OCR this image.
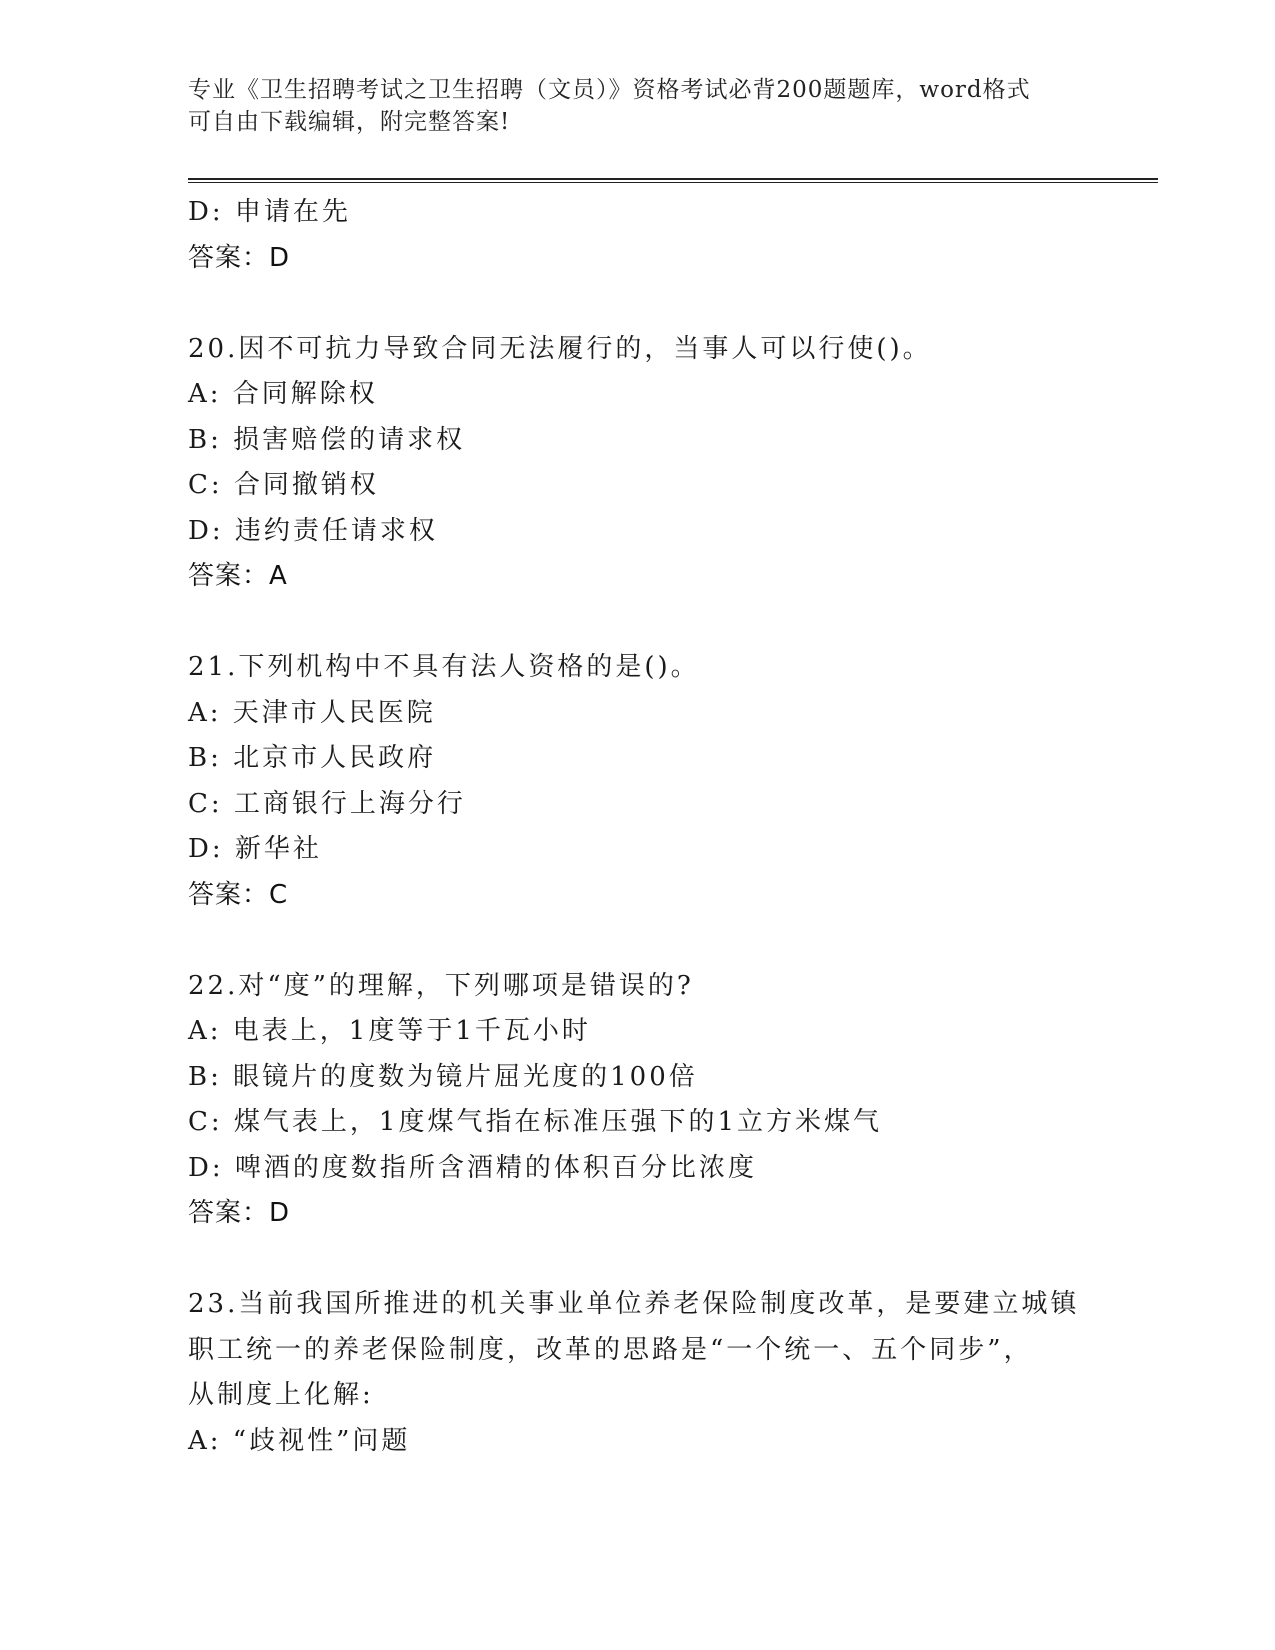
专业《卫生招聘考试之卫生招聘（文员）》资格考试必背200题题库，word格式
可自由下载编辑，附完整答案!
D: 申请在先
答案：D
20.因不可抗力导致合同无法履行的，当事人可以行使()。
A: 合同解除权
B: 损害赔偿的请求权
C: 合同撤销权
D: 违约责任请求权
答案：A
21.下列机构中不具有法人资格的是()。
A: 天津市人民医院
B: 北京市人民政府
C: 工商银行上海分行
D: 新华社
答案：C
22.对“度”的理解，下列哪项是错误的?
A: 电表上，1度等于1千瓦小时
B: 眼镜片的度数为镜片屈光度的100倍
C: 煤气表上，1度煤气指在标准压强下的1立方米煤气
D: 啤酒的度数指所含酒精的体积百分比浓度
答案：D
23.当前我国所推进的机关事业单位养老保险制度改革，是要建立城镇
职工统一的养老保险制度，改革的思路是“一个统一、五个同步”，
从制度上化解:
A: “歧视性”问题
